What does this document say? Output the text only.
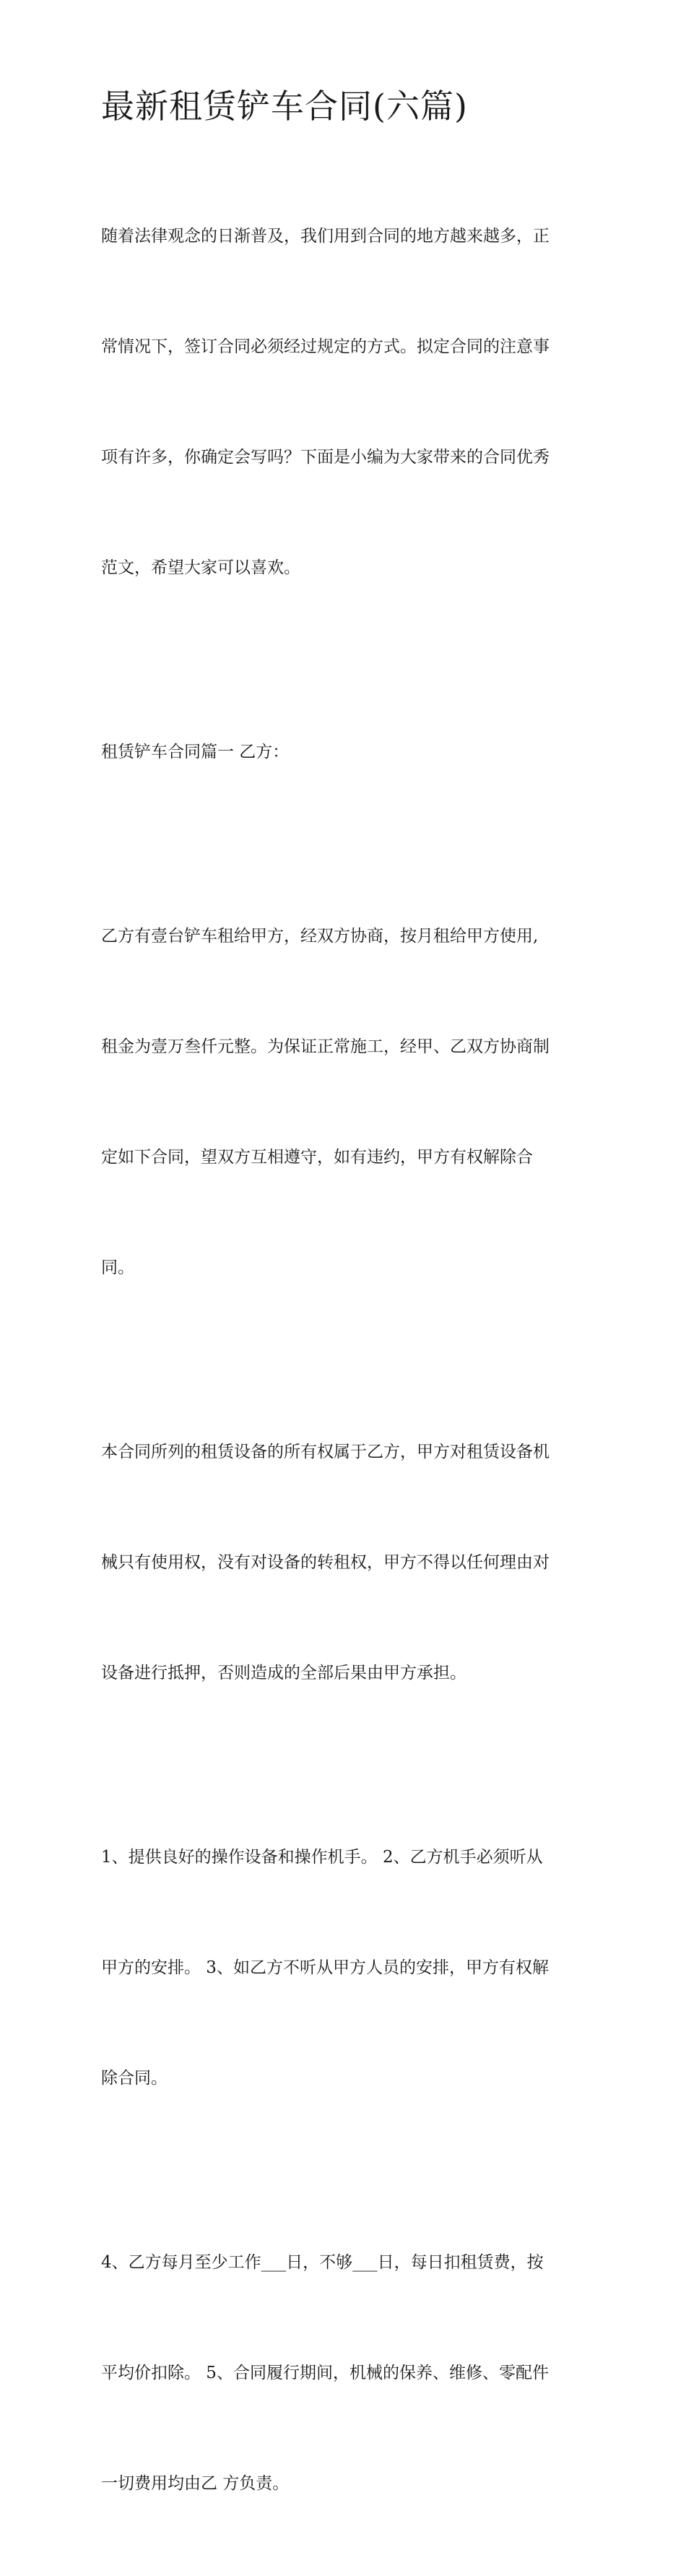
最新租赁铲车合同(六篇)

随着法律观念的日渐普及，我们用到合同的地方越来越多，正

常情况下，签订合同必须经过规定的方式。拟定合同的注意事

项有许多，你确定会写吗？下面是小编为大家带来的合同优秀

范文，希望大家可以喜欢。

租赁铲车合同篇一 乙方：

乙方有壹台铲车租给甲方，经双方协商，按月租给甲方使用,

租金为壹万叁仟元整。为保证正常施工，经甲、乙双方协商制

定如下合同，望双方互相遵守，如有违约，甲方有权解除合

同。

本合同所列的租赁设备的所有权属于乙方，甲方对租赁设备机

械只有使用权，没有对设备的转租权，甲方不得以任何理由对

设备进行抵押，否则造成的全部后果由甲方承担。

1、提供良好的操作设备和操作机手。 2、乙方机手必须听从

甲方的安排。 3、如乙方不听从甲方人员的安排，甲方有权解

除合同。

4、乙方每月至少工作___日，不够___日，每日扣租赁费，按

平均价扣除。 5、合同履行期间，机械的保养、维修、零配件

一切费用均由乙 方负责。
